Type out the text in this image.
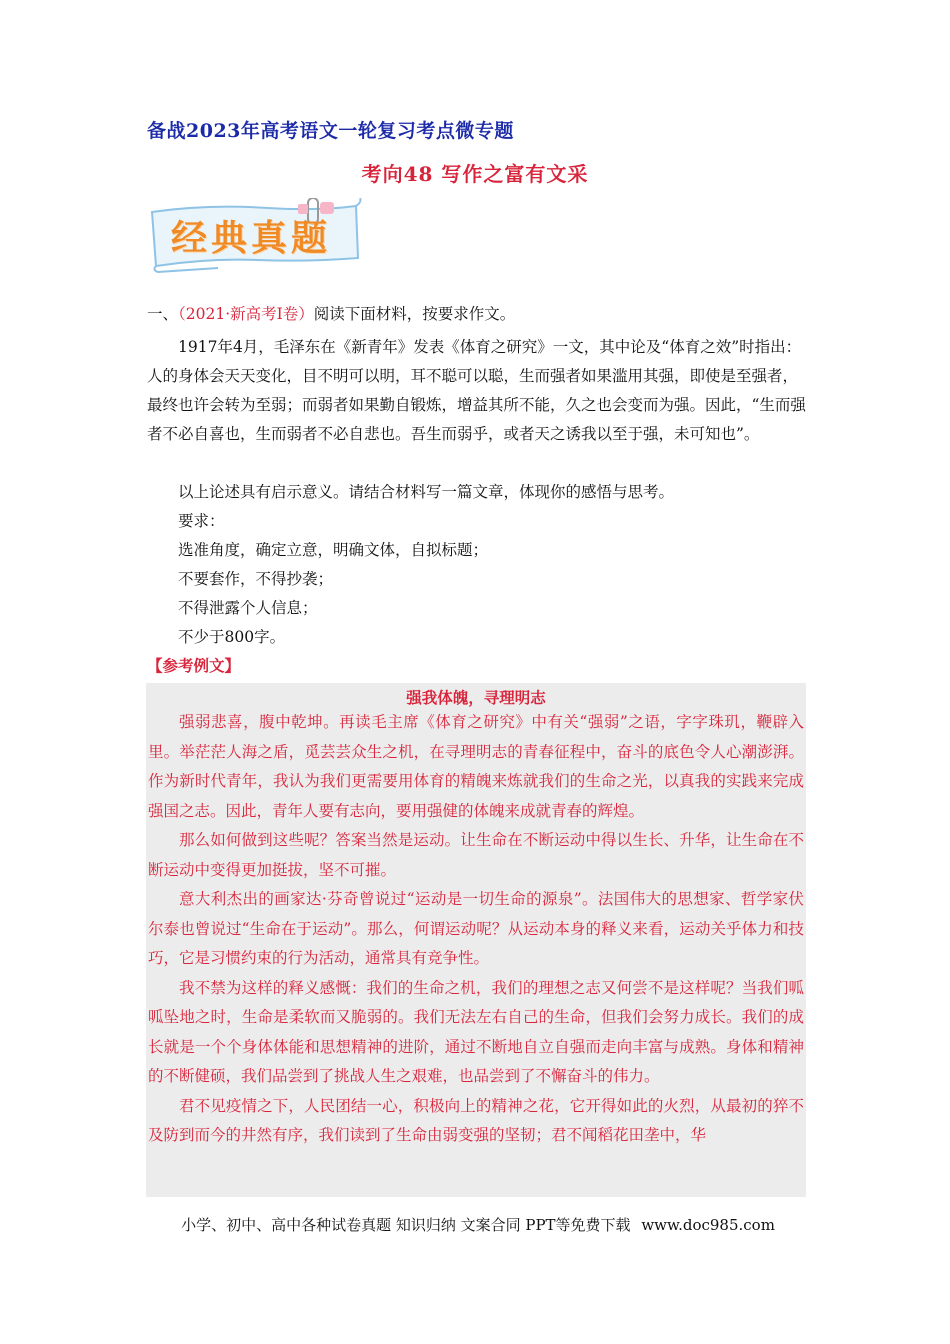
备战2023年高考语文一轮复习考点微专题
考向48 写作之富有文采
经典真题
一、（2021·新高考Ⅰ卷）阅读下面材料，按要求作文。
1917年4月，毛泽东在《新青年》发表《体育之研究》一文，其中论及“体育之效”时指出：人的身体会天天变化，目不明可以明，耳不聪可以聪，生而强者如果滥用其强，即使是至强者，最终也许会转为至弱；而弱者如果勤自锻炼，增益其所不能，久之也会变而为强。因此，“生而强者不必自喜也，生而弱者不必自悲也。吾生而弱乎，或者天之诱我以至于强，未可知也”。
以上论述具有启示意义。请结合材料写一篇文章，体现你的感悟与思考。
要求：
选准角度，确定立意，明确文体，自拟标题；
不要套作，不得抄袭；
不得泄露个人信息；
不少于800字。
【参考例文】
强我体魄，寻理明志

强弱悲喜，腹中乾坤。再读毛主席《体育之研究》中有关“强弱”之语，字字珠玑，鞭辟入里。举茫茫人海之盾，觅芸芸众生之机，在寻理明志的青春征程中，奋斗的底色令人心潮澎湃。作为新时代青年，我认为我们更需要用体育的精魄来炼就我们的生命之光，以真我的实践来完成强国之志。因此，青年人要有志向，要用强健的体魄来成就青春的辉煌。

那么如何做到这些呢？答案当然是运动。让生命在不断运动中得以生长、升华，让生命在不断运动中变得更加挺拔，坚不可摧。

意大利杰出的画家达·芬奇曾说过“运动是一切生命的源泉”。法国伟大的思想家、哲学家伏尔泰也曾说过“生命在于运动”。那么，何谓运动呢？从运动本身的释义来看，运动关乎体力和技巧，它是习惯约束的行为活动，通常具有竞争性。

我不禁为这样的释义感慨：我们的生命之机，我们的理想之志又何尝不是这样呢？当我们呱呱坠地之时，生命是柔软而又脆弱的。我们无法左右自己的生命，但我们会努力成长。我们的成长就是一个个身体体能和思想精神的进阶，通过不断地自立自强而走向丰富与成熟。身体和精神的不断健硕，我们品尝到了挑战人生之艰难，也品尝到了不懈奋斗的伟力。

君不见疫情之下，人民团结一心，积极向上的精神之花，它开得如此的火烈，从最初的猝不及防到而今的井然有序，我们读到了生命由弱变强的坚韧；君不闻稻花田垄中，华

小学、初中、高中各种试卷真题 知识归纳 文案合同 PPT等免费下载 www.doc985.com
